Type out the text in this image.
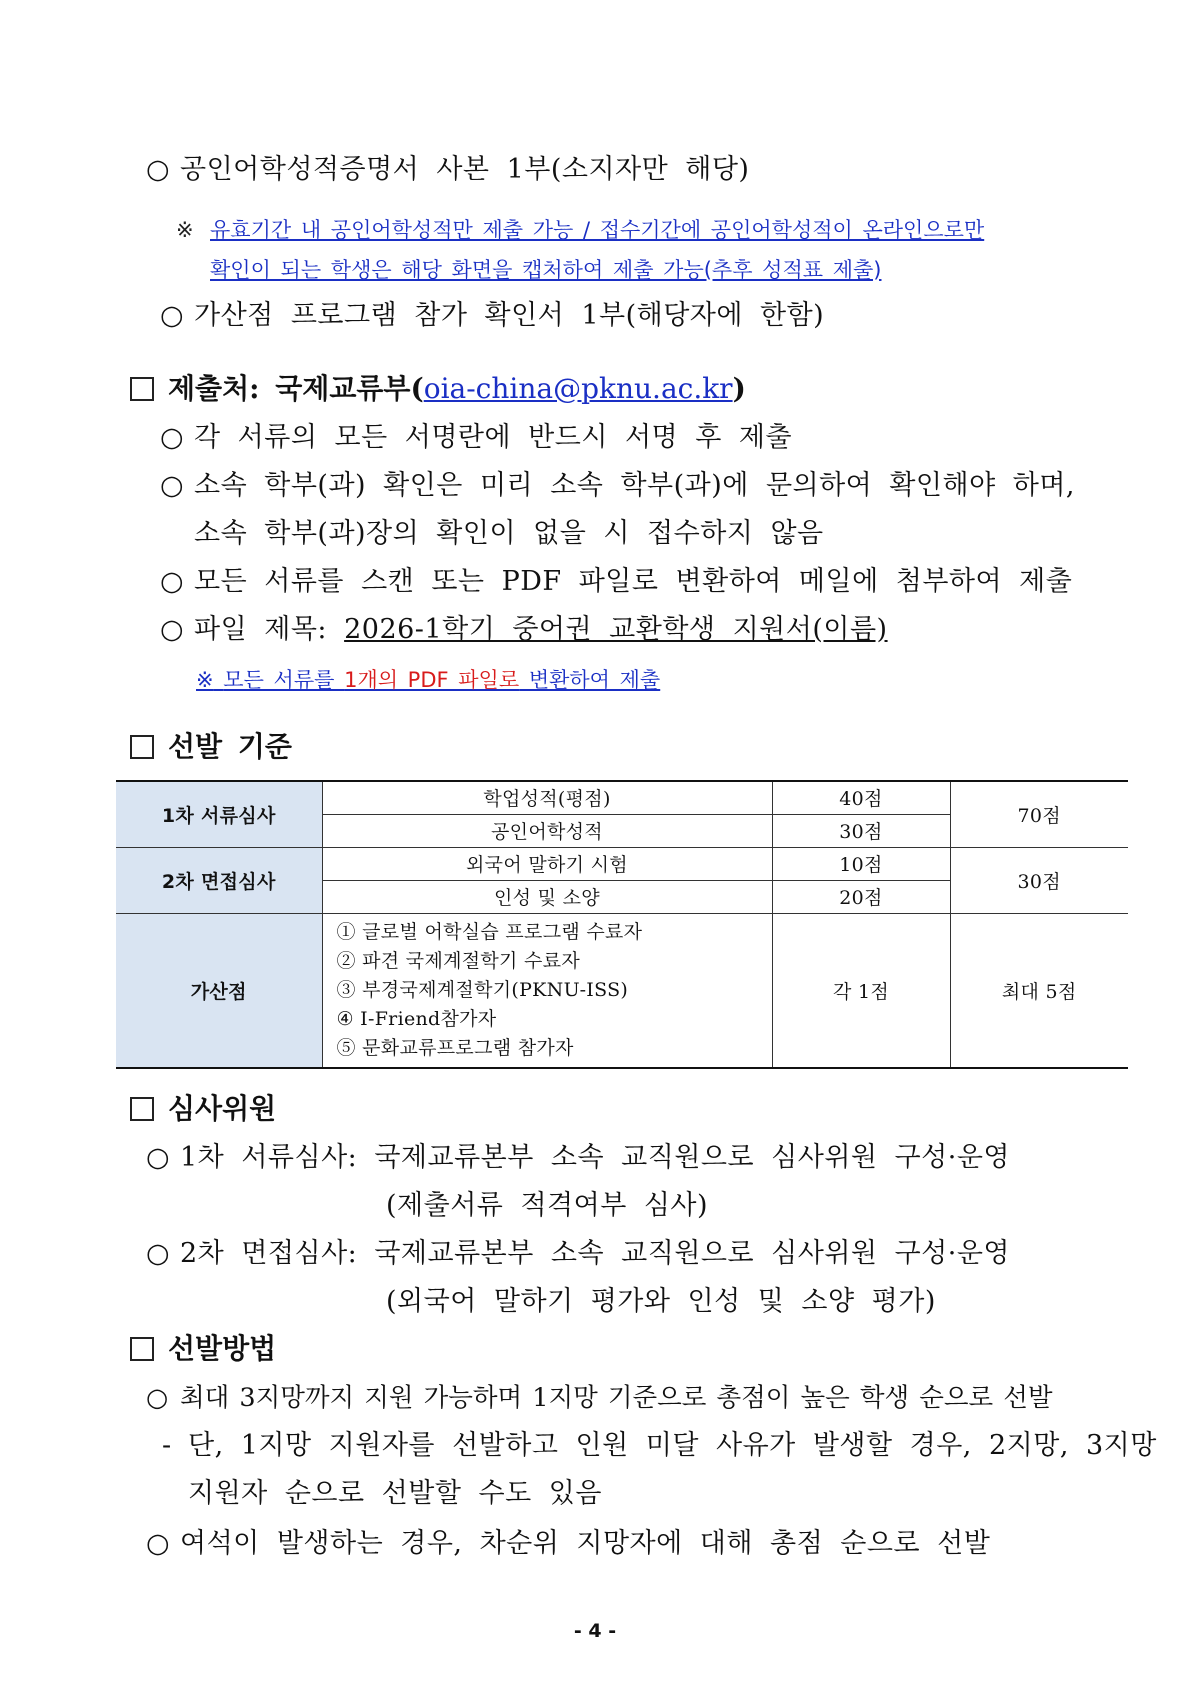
○ 공인어학성적증명서 사본 1부(소지자만 해당)
※ 유효기간 내 공인어학성적만 제출 가능 / 접수기간에 공인어학성적이 온라인으로만
확인이 되는 학생은 해당 화면을 캡처하여 제출 가능(추후 성적표 제출)
○ 가산점 프로그램 참가 확인서 1부(해당자에 한함)
제출처: 국제교류부(oia-china@pknu.ac.kr)
○ 각 서류의 모든 서명란에 반드시 서명 후 제출
○ 소속 학부(과) 확인은 미리 소속 학부(과)에 문의하여 확인해야 하며,
소속 학부(과)장의 확인이 없을 시 접수하지 않음
○ 모든 서류를 스캔 또는 PDF 파일로 변환하여 메일에 첨부하여 제출
○ 파일 제목: 2026-1학기 중어권 교환학생 지원서(이름)
※ 모든 서류를 1개의 PDF 파일로 변환하여 제출
선발 기준
1차 서류심사	학업성적(평점)	40점	70점
	공인어학성적	30점	
2차 면접심사	외국어 말하기 시험	10점	30점
	인성 및 소양	20점	
가산점	① 글로벌 어학실습 프로그램 수료자
② 파견 국제계절학기 수료자
③ 부경국제계절학기(PKNU-ISS)
④ I-Friend참가자
⑤ 문화교류프로그램 참가자	각 1점	최대 5점
심사위원
○ 1차 서류심사: 국제교류본부 소속 교직원으로 심사위원 구성·운영
(제출서류 적격여부 심사)
○ 2차 면접심사: 국제교류본부 소속 교직원으로 심사위원 구성·운영
(외국어 말하기 평가와 인성 및 소양 평가)
선발방법
○ 최대 3지망까지 지원 가능하며 1지망 기준으로 총점이 높은 학생 순으로 선발
- 단, 1지망 지원자를 선발하고 인원 미달 사유가 발생할 경우, 2지망, 3지망
지원자 순으로 선발할 수도 있음
○ 여석이 발생하는 경우, 차순위 지망자에 대해 총점 순으로 선발
- 4 -
